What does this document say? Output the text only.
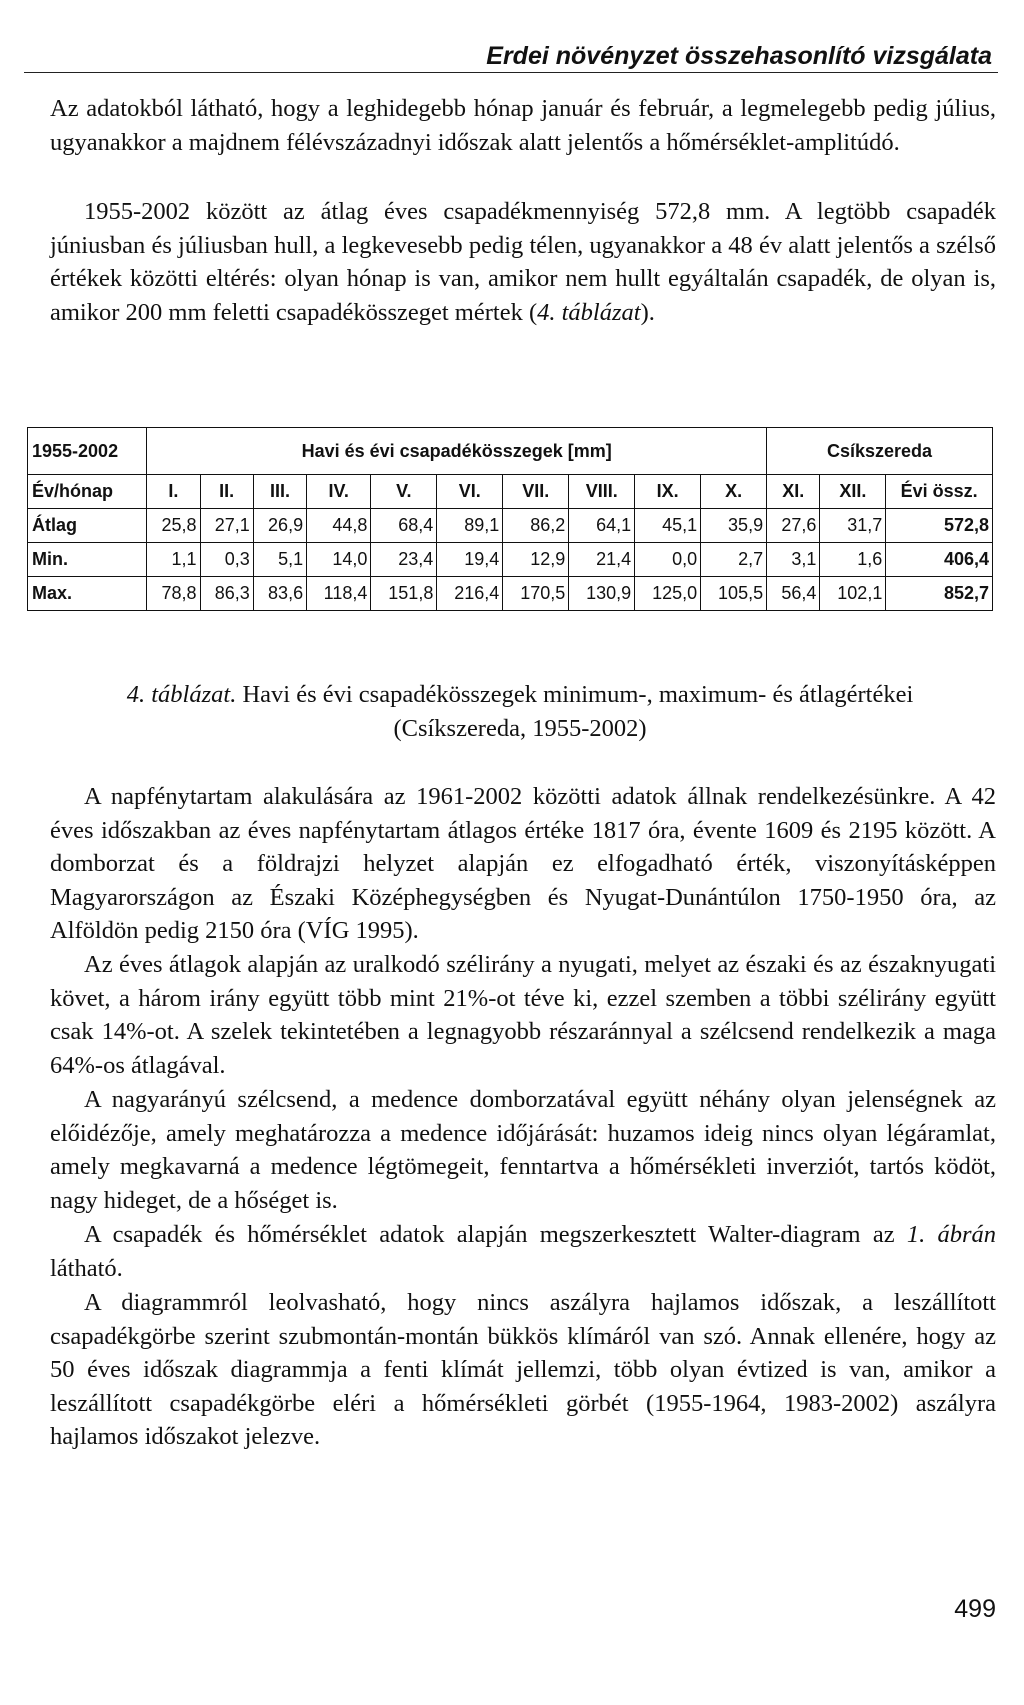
Erdei növényzet összehasonlító vizsgálata
Az adatokból látható, hogy a leghidegebb hónap január és február, a legmelegebb pedig július, ugyanakkor a majdnem félévszázadnyi időszak alatt jelentős a hőmérséklet-amplitúdó.
1955-2002 között az átlag éves csapadékmennyiség 572,8 mm. A legtöbb csapadék júniusban és júliusban hull, a legkevesebb pedig télen, ugyanakkor a 48 év alatt jelentős a szélső értékek közötti eltérés: olyan hónap is van, amikor nem hullt egyáltalán csapadék, de olyan is, amikor 200 mm feletti csapadékösszeget mértek (4. táblázat).
1955-2002	Havi és évi csapadékösszegek [mm]										Csíkszereda		
Év/hónap	I.	II.	III.	IV.	V.	VI.	VII.	VIII.	IX.	X.	XI.	XII.	Évi össz.
Átlag	25,8	27,1	26,9	44,8	68,4	89,1	86,2	64,1	45,1	35,9	27,6	31,7	572,8
Min.	1,1	0,3	5,1	14,0	23,4	19,4	12,9	21,4	0,0	2,7	3,1	1,6	406,4
Max.	78,8	86,3	83,6	118,4	151,8	216,4	170,5	130,9	125,0	105,5	56,4	102,1	852,7
4. táblázat. Havi és évi csapadékösszegek minimum-, maximum- és átlagértékei (Csíkszereda, 1955-2002)
A napfénytartam alakulására az 1961-2002 közötti adatok állnak rendelkezésünkre. A 42 éves időszakban az éves napfénytartam átlagos értéke 1817 óra, évente 1609 és 2195 között. A domborzat és a földrajzi helyzet alapján ez elfogadható érték, viszonyításképpen Magyarországon az Északi Középhegységben és Nyugat-Dunántúlon 1750-1950 óra, az Alföldön pedig 2150 óra (VÍG 1995).
Az éves átlagok alapján az uralkodó szélirány a nyugati, melyet az északi és az északnyugati követ, a három irány együtt több mint 21%-ot téve ki, ezzel szemben a többi szélirány együtt csak 14%-ot. A szelek tekintetében a legnagyobb részaránnyal a szélcsend rendelkezik a maga 64%-os átlagával.
A nagyarányú szélcsend, a medence domborzatával együtt néhány olyan jelenségnek az előidézője, amely meghatározza a medence időjárását: huzamos ideig nincs olyan légáramlat, amely megkavarná a medence légtömegeit, fenntartva a hőmérsékleti inverziót, tartós ködöt, nagy hideget, de a hőséget is.
A csapadék és hőmérséklet adatok alapján megszerkesztett Walter-diagram az 1. ábrán látható.
A diagrammról leolvasható, hogy nincs aszályra hajlamos időszak, a leszállított csapadékgörbe szerint szubmontán-montán bükkös klímáról van szó. Annak ellenére, hogy az 50 éves időszak diagrammja a fenti klímát jellemzi, több olyan évtized is van, amikor a leszállított csapadékgörbe eléri a hőmérsékleti görbét (1955-1964, 1983-2002) aszályra hajlamos időszakot jelezve.
499
